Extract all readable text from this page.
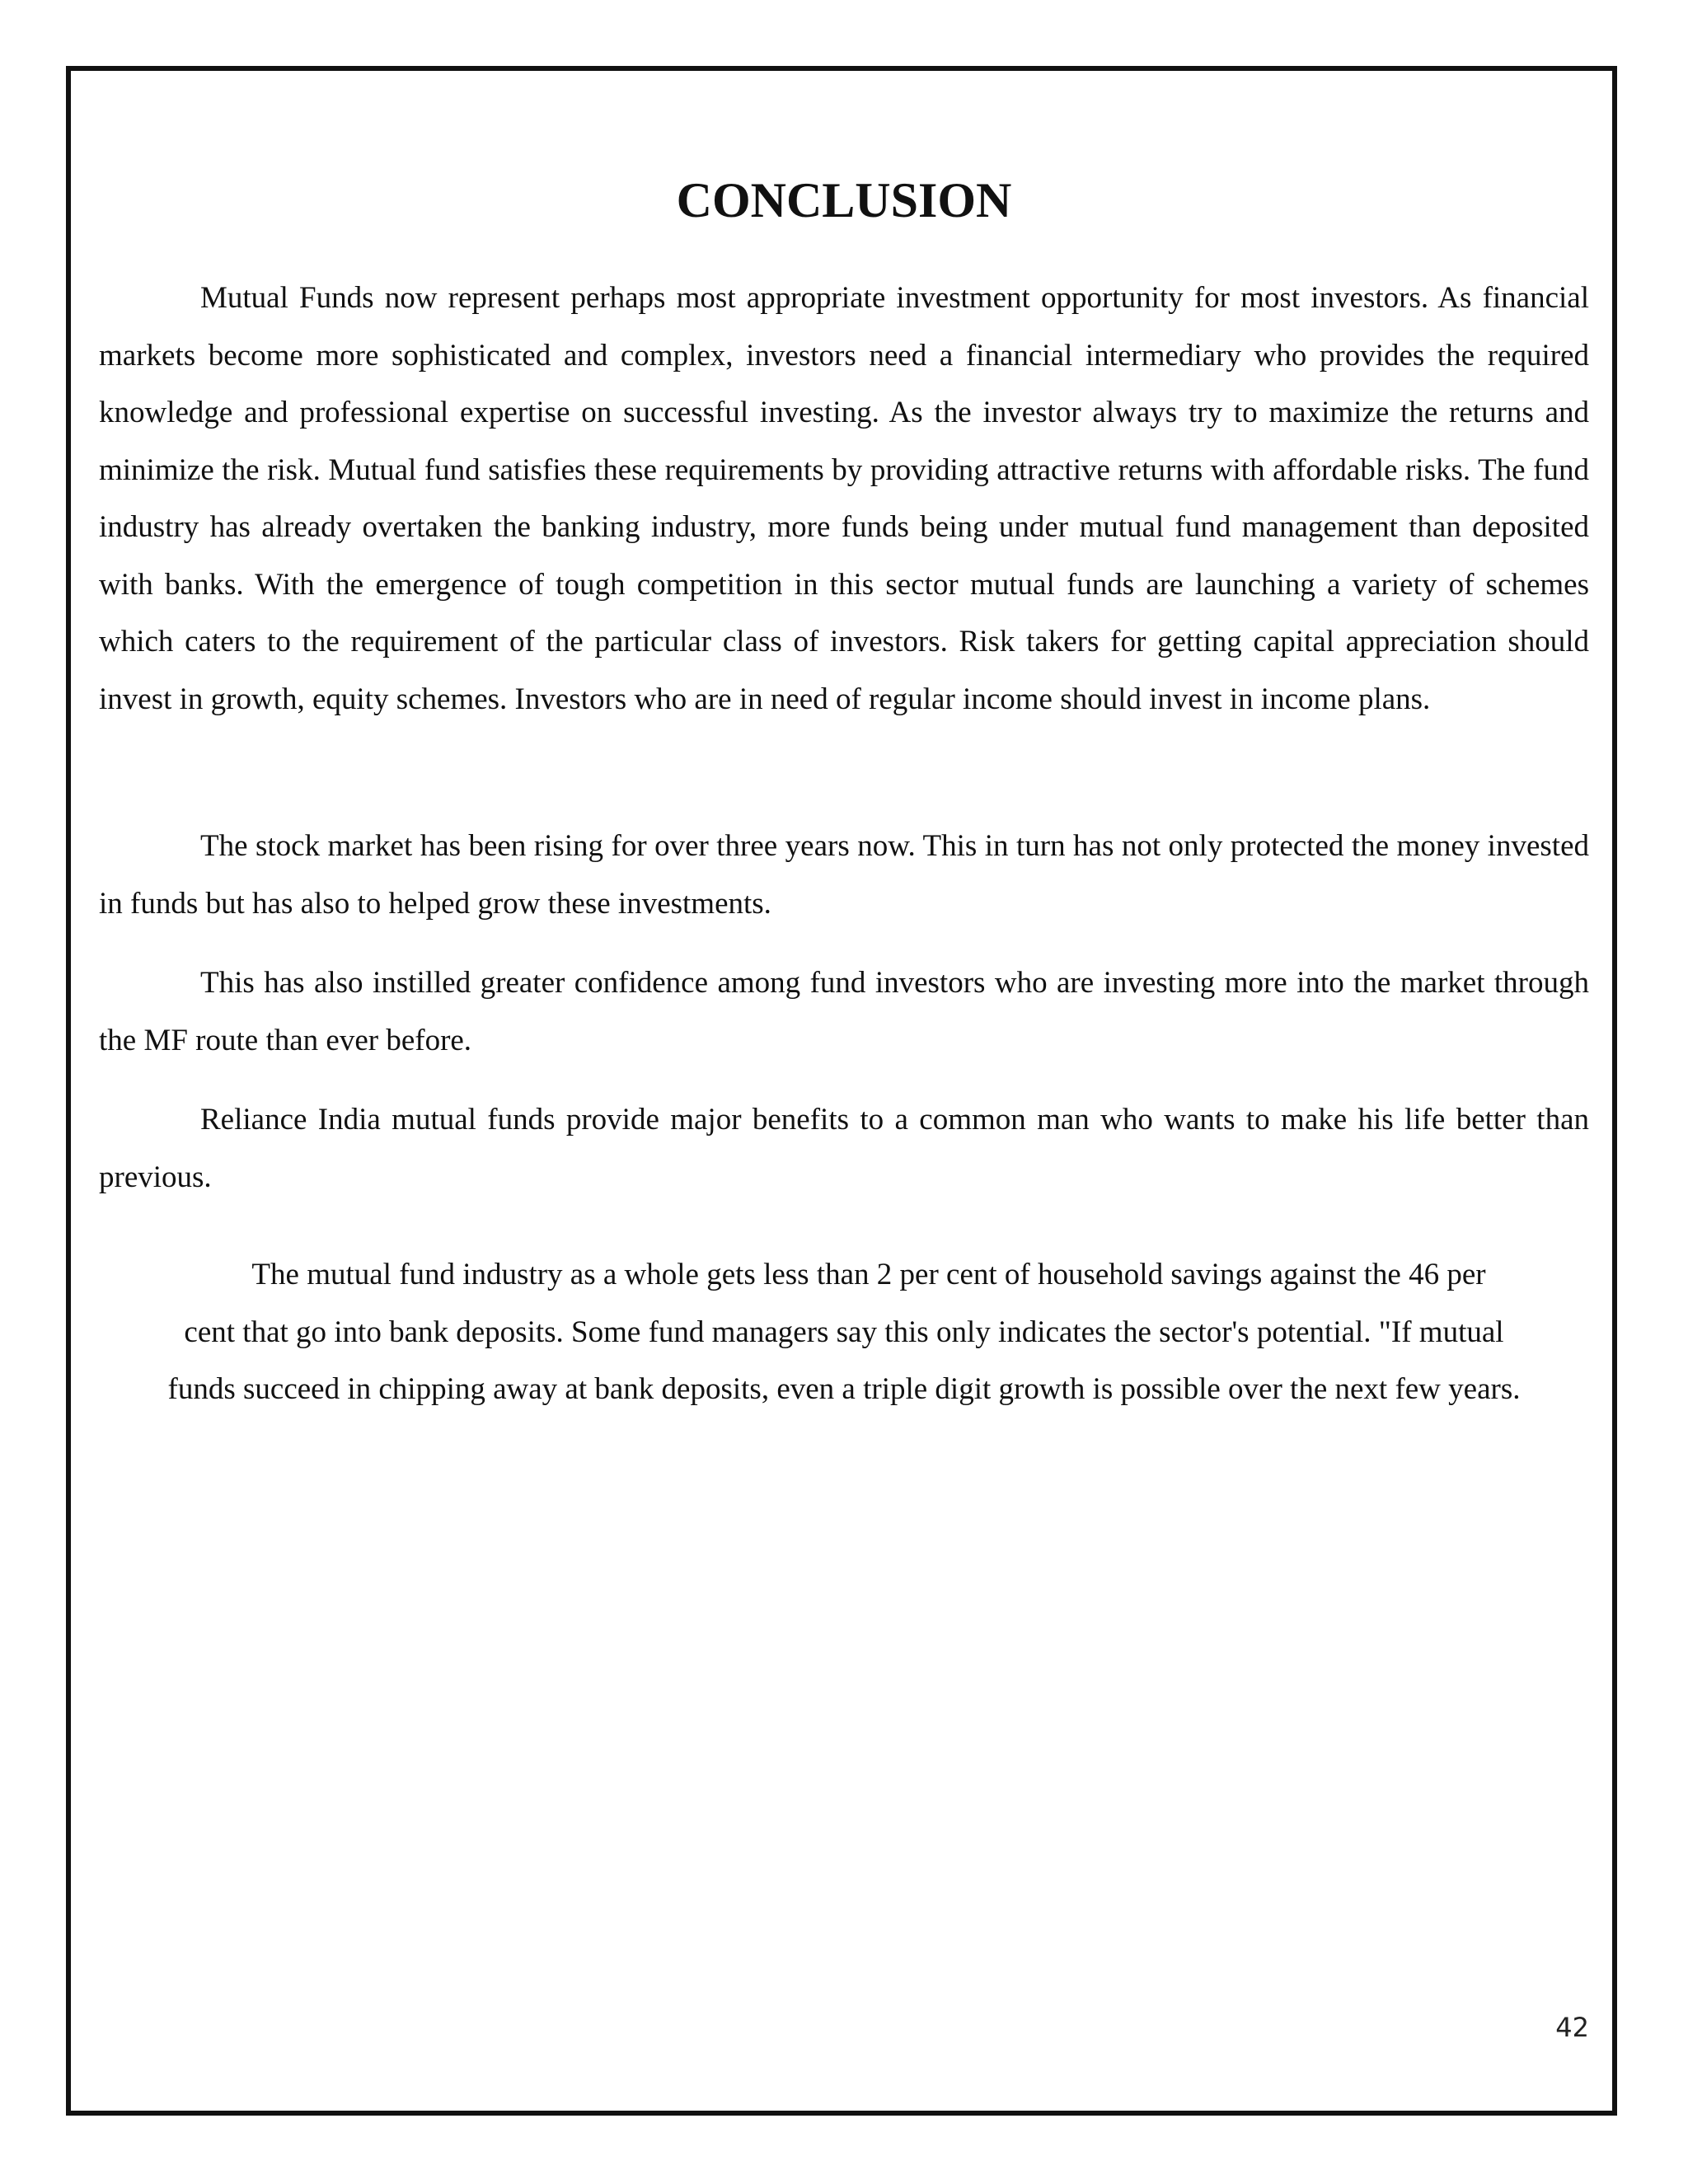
CONCLUSION

Mutual Funds now represent perhaps most appropriate investment opportunity for most investors. As financial markets become more sophisticated and complex, investors need a financial intermediary who provides the required knowledge and professional expertise on successful investing. As the investor always try to maximize the returns and minimize the risk. Mutual fund satisfies these requirements by providing attractive returns with affordable risks. The fund industry has already overtaken the banking industry, more funds being under mutual fund management than deposited with banks. With the emergence of tough competition in this sector mutual funds are launching a variety of schemes which caters to the requirement of the particular class of investors. Risk takers for getting capital appreciation should invest in growth, equity schemes. Investors who are in need of regular income should invest in income plans.

The stock market has been rising for over three years now. This in turn has not only protected the money invested in funds but has also to helped grow these investments.

This has also instilled greater confidence among fund investors who are investing more into the market through the MF route than ever before.

Reliance India mutual funds provide major benefits to a common man who wants to make his life better than previous.

The mutual fund industry as a whole gets less than 2 per cent of household savings against the 46 per
cent that go into bank deposits. Some fund managers say this only indicates the sector's potential. "If mutual
funds succeed in chipping away at bank deposits, even a triple digit growth is possible over the next few years.
42
